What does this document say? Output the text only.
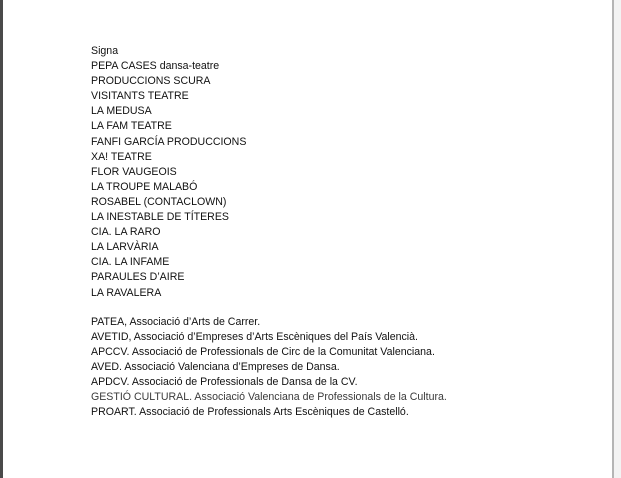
Signa
PEPA CASES dansa-teatre
PRODUCCIONS SCURA
VISITANTS TEATRE
LA MEDUSA
LA FAM TEATRE
FANFI GARCÍA PRODUCCIONS
XA! TEATRE
FLOR VAUGEOIS
LA TROUPE MALABÓ
ROSABEL (CONTACLOWN)
LA INESTABLE DE TÍTERES
CIA. LA RARO
LA LARVÀRIA
CIA. LA INFAME
PARAULES D’AIRE
LA RAVALERA
PATEA, Associació d’Arts de Carrer.
AVETID, Associació d’Empreses d’Arts Escèniques del País Valencià.
APCCV. Associació de Professionals de Circ de la Comunitat Valenciana.
AVED. Associació Valenciana d’Empreses de Dansa.
APDCV. Associació de Professionals de Dansa de la CV.
GESTIÓ CULTURAL. Associació Valenciana de Professionals de la Cultura.
PROART. Associació de Professionals Arts Escèniques de Castelló.
